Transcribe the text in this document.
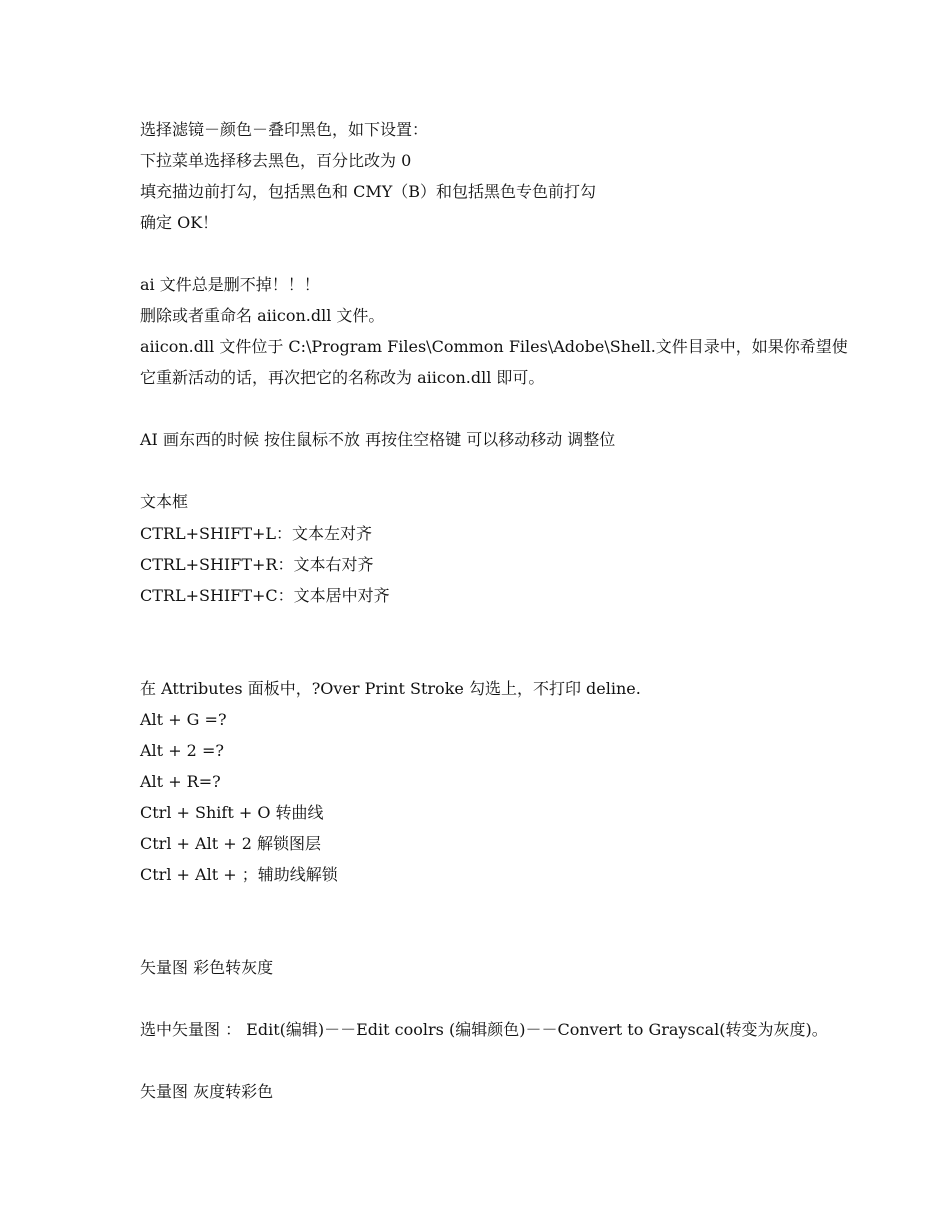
选择滤镜－颜色－叠印黑色，如下设置：
下拉菜单选择移去黑色，百分比改为 0
填充描边前打勾，包括黑色和 CMY（B）和包括黑色专色前打勾
确定 OK！
ai 文件总是删不掉！！！
删除或者重命名 aiicon.dll 文件。
aiicon.dll 文件位于 C:\Program Files\Common Files\Adobe\Shell.文件目录中，如果你希望使
它重新活动的话，再次把它的名称改为 aiicon.dll 即可。
AI 画东西的时候 按住鼠标不放 再按住空格键 可以移动移动 调整位
文本框
CTRL+SHIFT+L：文本左对齐
CTRL+SHIFT+R：文本右对齐
CTRL+SHIFT+C：文本居中对齐
在 Attributes 面板中，?Over Print Stroke 勾选上，不打印 deline.
Alt + G =?
Alt + 2 =?
Alt + R=?
Ctrl + Shift + O 转曲线
Ctrl + Alt + 2 解锁图层
Ctrl + Alt + ；辅助线解锁
矢量图 彩色转灰度
选中矢量图 ： Edit(编辑)－－Edit coolrs (编辑颜色)－－Convert to Grayscal(转变为灰度)。
矢量图 灰度转彩色
